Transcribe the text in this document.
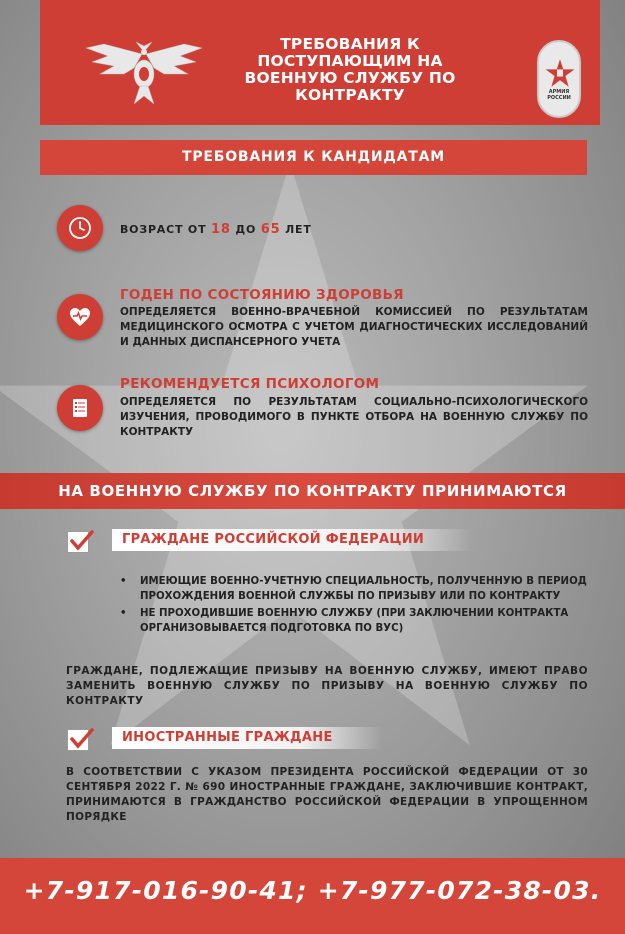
ТРЕБОВАНИЯ К ПОСТУПАЮЩИМ НА ВОЕННУЮ СЛУЖБУ ПО КОНТРАКТУ	АРМИЯ РОССИИ
ТРЕБОВАНИЯ К КАНДИДАТАМ
ВОЗРАСТ ОТ 18 ДО 65 ЛЕТ
ГОДЕН ПО СОСТОЯНИЮ ЗДОРОВЬЯ
ОПРЕДЕЛЯЕТСЯ ВОЕННО-ВРАЧЕБНОЙ КОМИССИЕЙ ПО РЕЗУЛЬТАТАМ МЕДИЦИНСКОГО ОСМОТРА С УЧЕТОМ ДИАГНОСТИЧЕСКИХ ИССЛЕДОВАНИЙ И ДАННЫХ ДИСПАНСЕРНОГО УЧЕТА
РЕКОМЕНДУЕТСЯ ПСИХОЛОГОМ
ОПРЕДЕЛЯЕТСЯ ПО РЕЗУЛЬТАТАМ СОЦИАЛЬНО-ПСИХОЛОГИЧЕСКОГО ИЗУЧЕНИЯ, ПРОВОДИМОГО В ПУНКТЕ ОТБОРА НА ВОЕННУЮ СЛУЖБУ ПО КОНТРАКТУ
НА ВОЕННУЮ СЛУЖБУ ПО КОНТРАКТУ ПРИНИМАЮТСЯ
ГРАЖДАНЕ РОССИЙСКОЙ ФЕДЕРАЦИИ
• ИМЕЮЩИЕ ВОЕННО-УЧЕТНУЮ СПЕЦИАЛЬНОСТЬ, ПОЛУЧЕННУЮ В ПЕРИОД ПРОХОЖДЕНИЯ ВОЕННОЙ СЛУЖБЫ ПО ПРИЗЫВУ ИЛИ ПО КОНТРАКТУ
• НЕ ПРОХОДИВШИЕ ВОЕННУЮ СЛУЖБУ (ПРИ ЗАКЛЮЧЕНИИ КОНТРАКТА ОРГАНИЗОВЫВАЕТСЯ ПОДГОТОВКА ПО ВУС)
ГРАЖДАНЕ, ПОДЛЕЖАЩИЕ ПРИЗЫВУ НА ВОЕННУЮ СЛУЖБУ, ИМЕЮТ ПРАВО ЗАМЕНИТЬ ВОЕННУЮ СЛУЖБУ ПО ПРИЗЫВУ НА ВОЕННУЮ СЛУЖБУ ПО КОНТРАКТУ
ИНОСТРАННЫЕ ГРАЖДАНЕ
В СООТВЕТСТВИИ С УКАЗОМ ПРЕЗИДЕНТА РОССИЙСКОЙ ФЕДЕРАЦИИ ОТ 30 СЕНТЯБРЯ 2022 Г. № 690 ИНОСТРАННЫЕ ГРАЖДАНЕ, ЗАКЛЮЧИВШИЕ КОНТРАКТ, ПРИНИМАЮТСЯ В ГРАЖДАНСТВО РОССИЙСКОЙ ФЕДЕРАЦИИ В УПРОЩЕННОМ ПОРЯДКЕ
+7-917-016-90-41; +7-977-072-38-03.
